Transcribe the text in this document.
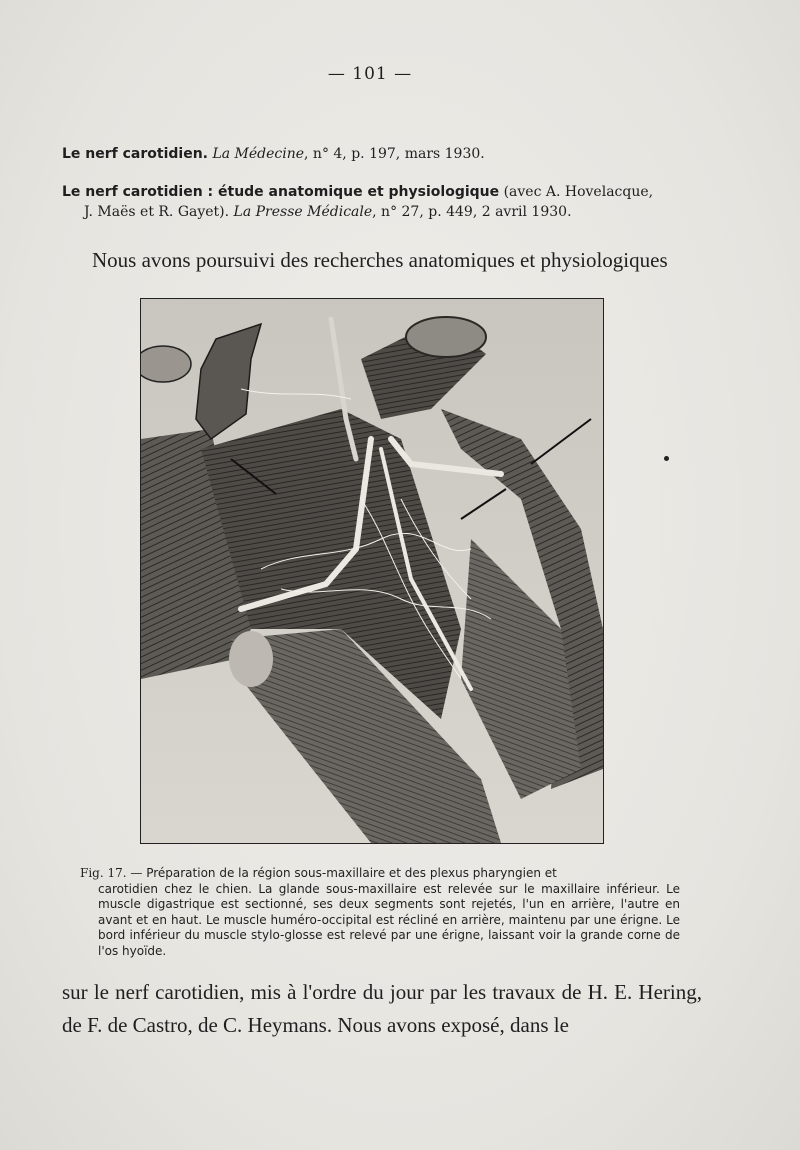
— 101 —
Le nerf carotidien. La Médecine, n° 4, p. 197, mars 1930.
Le nerf carotidien : étude anatomique et physiologique (avec A. Hovelacque,
J. Maës et R. Gayet). La Presse Médicale, n° 27, p. 449, 2 avril 1930.
Nous avons poursuivi des recherches anatomiques et physiologiques
Fig. 17. — Préparation de la région sous-maxillaire et des plexus pharyngien et
carotidien chez le chien. La glande sous-maxillaire est relevée sur le maxillaire inférieur. Le muscle digastrique est sectionné, ses deux segments sont rejetés, l'un en arrière, l'autre en avant et en haut. Le muscle huméro-occipital est récliné en arrière, maintenu par une érigne. Le bord inférieur du muscle stylo-glosse est relevé par une érigne, laissant voir la grande corne de l'os hyoïde.
sur le nerf carotidien, mis à l'ordre du jour par les travaux de H. E. Hering, de F. de Castro, de C. Heymans. Nous avons exposé, dans le
